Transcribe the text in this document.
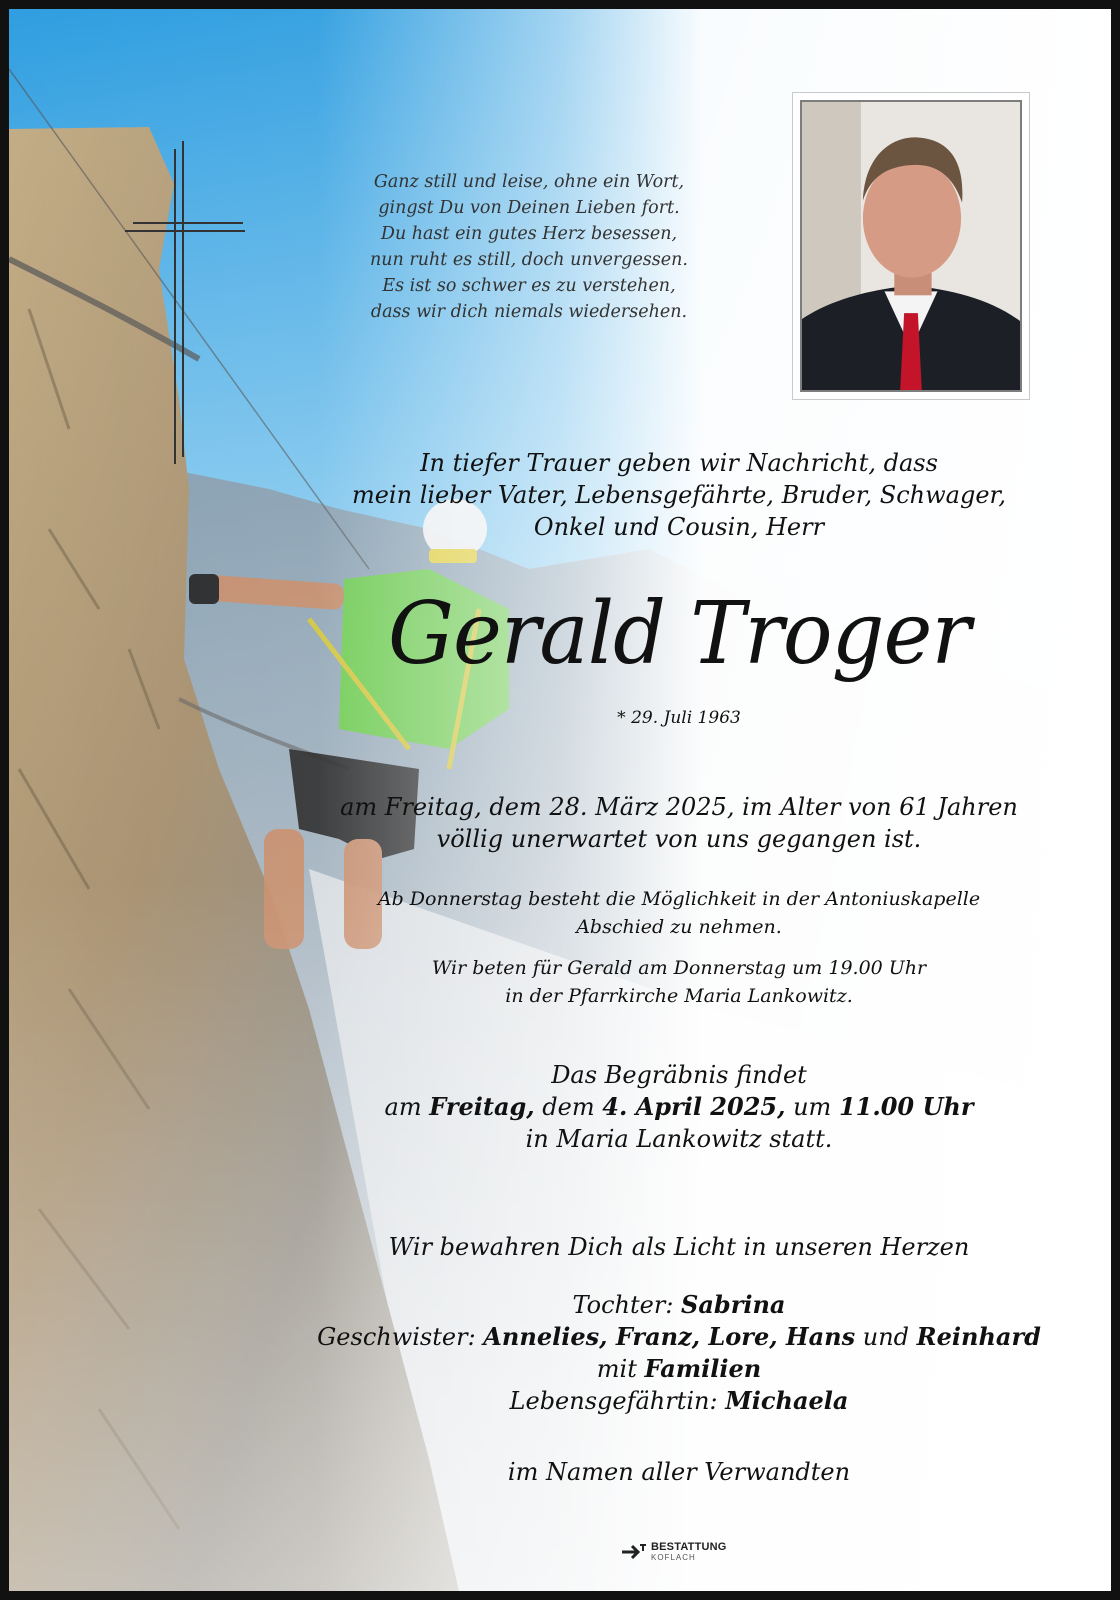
Ganz still und leise, ohne ein Wort,
gingst Du von Deinen Lieben fort.
Du hast ein gutes Herz besessen,
nun ruht es still, doch unvergessen.
Es ist so schwer es zu verstehen,
dass wir dich niemals wiedersehen.
In tiefer Trauer geben wir Nachricht, dass
mein lieber Vater, Lebensgefährte, Bruder, Schwager,
Onkel und Cousin, Herr
Gerald Troger
* 29. Juli 1963
am Freitag, dem 28. März 2025, im Alter von 61 Jahren
völlig unerwartet von uns gegangen ist.
Ab Donnerstag besteht die Möglichkeit in der Antoniuskapelle
Abschied zu nehmen.
Wir beten für Gerald am Donnerstag um 19.00 Uhr
in der Pfarrkirche Maria Lankowitz.
Das Begräbnis findet
am Freitag, dem 4. April 2025, um 11.00 Uhr
in Maria Lankowitz statt.
Wir bewahren Dich als Licht in unseren Herzen
Tochter: Sabrina
Geschwister: Annelies, Franz, Lore, Hans und Reinhard
mit Familien
Lebensgefährtin: Michaela
im Namen aller Verwandten
BESTATTUNG
KOFLACH
